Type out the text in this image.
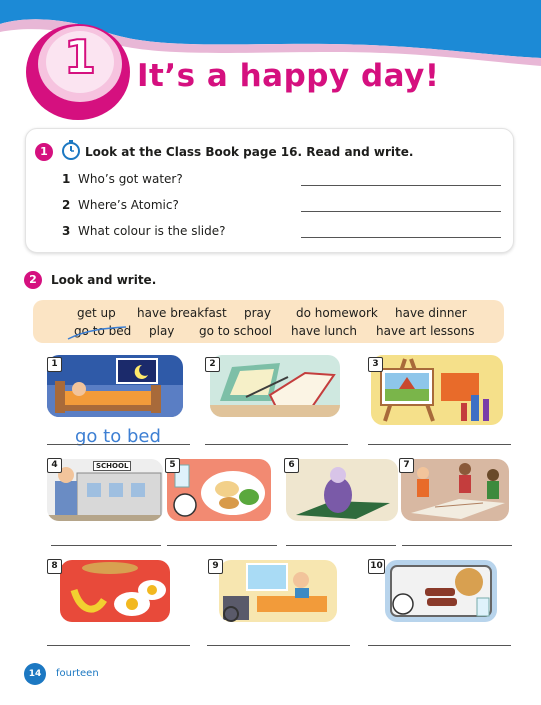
1 It’s a happy day!
1	Look at the Class Book page 16. Read and write.
1 Who’s got water?
2 Where’s Atomic?
3 What colour is the slide?
2	Look and write.
get up have breakfast pray do homework have dinner
go to bed play go to school have lunch have art lessons
1	2	3
go to bed
SCHOOL
4	5	6	7
8	9	10
14	fourteen
